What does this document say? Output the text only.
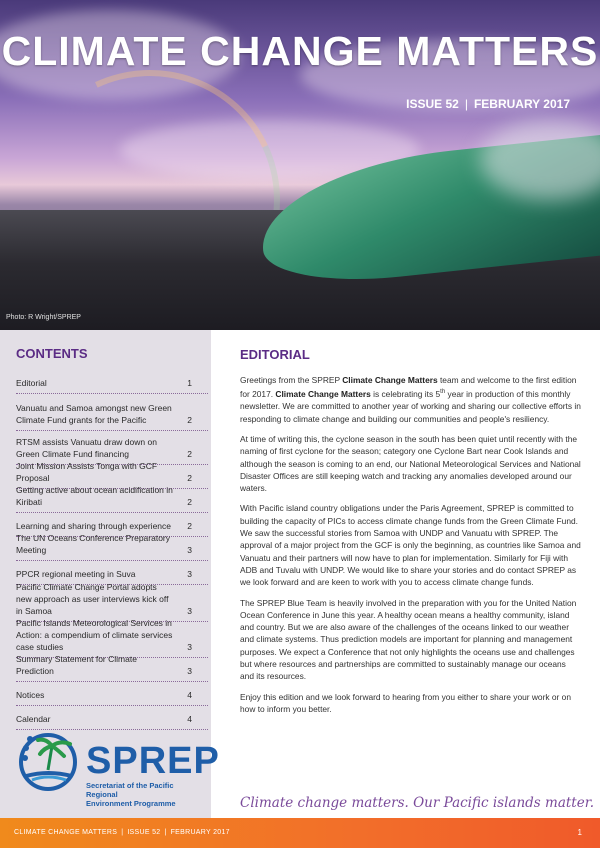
CLIMATE CHANGE MATTERS
ISSUE 52 | FEBRUARY 2017
Photo: R Wright/SPREP
CONTENTS
Editorial	1
Vanuatu and Samoa amongst new Green Climate Fund grants for the Pacific	2
RTSM assists Vanuatu draw down on Green Climate Fund financing	2
Joint Mission Assists Tonga with GCF Proposal	2
Getting active about ocean acidification in Kiribati	2
Learning and sharing through experience	2
The UN Oceans Conference Preparatory Meeting	3
PPCR regional meeting in Suva	3
Pacific Climate Change Portal adopts new approach as user interviews kick off in Samoa	3
Pacific Islands Meteorological Services in Action: a compendium of climate services case studies	3
Summary Statement for Climate Prediction	3
Notices	4
Calendar	4
SPREP
Secretariat of the Pacific Regional
Environment Programme
EDITORIAL

Greetings from the SPREP Climate Change Matters team and welcome to the first edition for 2017. Climate Change Matters is celebrating its 5th year in production of this monthly newsletter. We are committed to another year of working and sharing our collective efforts in responding to climate change and building our communities and people's resiliency.

At time of writing this, the cyclone season in the south has been quiet until recently with the naming of first cyclone for the season; category one Cyclone Bart near Cook Islands and although the season is coming to an end, our National Meteorological Services and National Disaster Offices are still keeping watch and tracking any anomalies developed around our waters.

With Pacific island country obligations under the Paris Agreement, SPREP is committed to building the capacity of PICs to access climate change funds from the Green Climate Fund. We saw the successful stories from Samoa with UNDP and Vanuatu with SPREP. The approval of a major project from the GCF is only the beginning, as countries like Samoa and Vanuatu and their partners will now have to plan for implementation. Similarly for Fiji with ADB and Tuvalu with UNDP. We would like to share your stories and do contact SPREP as we look forward and are keen to work with you to access climate change funds.

The SPREP Blue Team is heavily involved in the preparation with you for the United Nation Ocean Conference in June this year. A healthy ocean means a healthy community, island and country. But we are also aware of the challenges of the oceans linked to our weather and climate systems. Thus prediction models are important for planning and management purposes. We expect a Conference that not only highlights the oceans use and challenges but where resources and partnerships are committed to sustainably manage our oceans and its resources.

Enjoy this edition and we look forward to hearing from you either to share your work or on how to inform you better.

Climate change matters. Our Pacific islands matter.
CLIMATE CHANGE MATTERS | ISSUE 52 | FEBRUARY 2017	1
